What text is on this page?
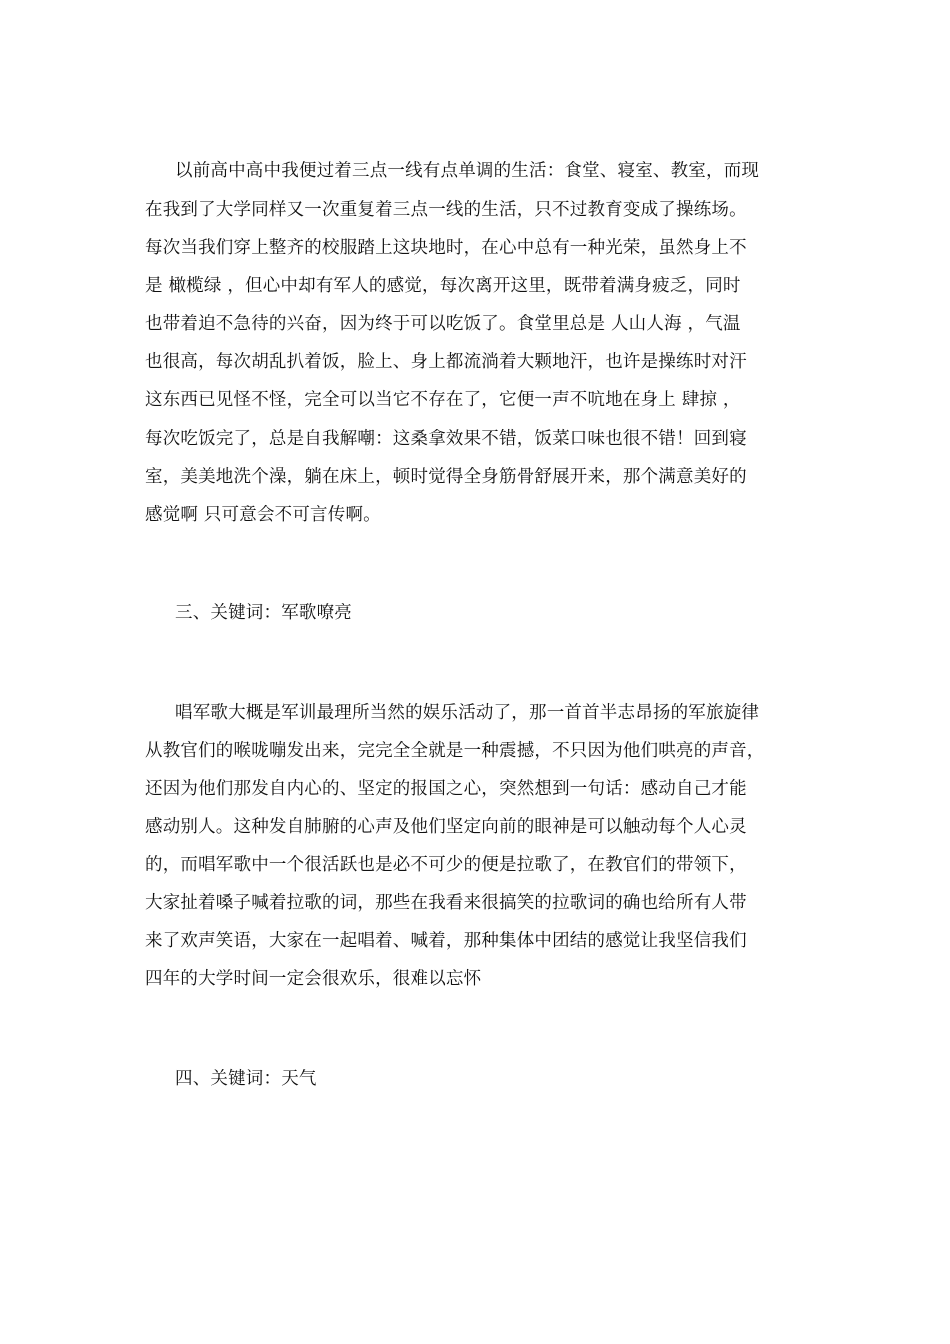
以前高中高中我便过着三点一线有点单调的生活：食堂、寝室、教室，而现
在我到了大学同样又一次重复着三点一线的生活，只不过教育变成了操练场。
每次当我们穿上整齐的校服踏上这块地时，在心中总有一种光荣，虽然身上不
是 橄榄绿 ，但心中却有军人的感觉，每次离开这里，既带着满身疲乏，同时
也带着迫不急待的兴奋，因为终于可以吃饭了。食堂里总是 人山人海 ，气温
也很高，每次胡乱扒着饭，脸上、身上都流淌着大颗地汗，也许是操练时对汗
这东西已见怪不怪，完全可以当它不存在了，它便一声不吭地在身上 肆掠 ，
每次吃饭完了，总是自我解嘲：这桑拿效果不错，饭菜口味也很不错！回到寝
室，美美地洗个澡，躺在床上，顿时觉得全身筋骨舒展开来，那个满意美好的
感觉啊 只可意会不可言传啊。
三、关键词：军歌嘹亮
唱军歌大概是军训最理所当然的娱乐活动了，那一首首半志昂扬的军旅旋律
从教官们的喉咙嘣发出来，完完全全就是一种震撼，不只因为他们哄亮的声音，
还因为他们那发自内心的、坚定的报国之心，突然想到一句话：感动自己才能
感动别人。这种发自肺腑的心声及他们坚定向前的眼神是可以触动每个人心灵
的，而唱军歌中一个很活跃也是必不可少的便是拉歌了，在教官们的带领下，
大家扯着嗓子喊着拉歌的词，那些在我看来很搞笑的拉歌词的确也给所有人带
来了欢声笑语，大家在一起唱着、喊着，那种集体中团结的感觉让我坚信我们
四年的大学时间一定会很欢乐，很难以忘怀
四、关键词：天气
